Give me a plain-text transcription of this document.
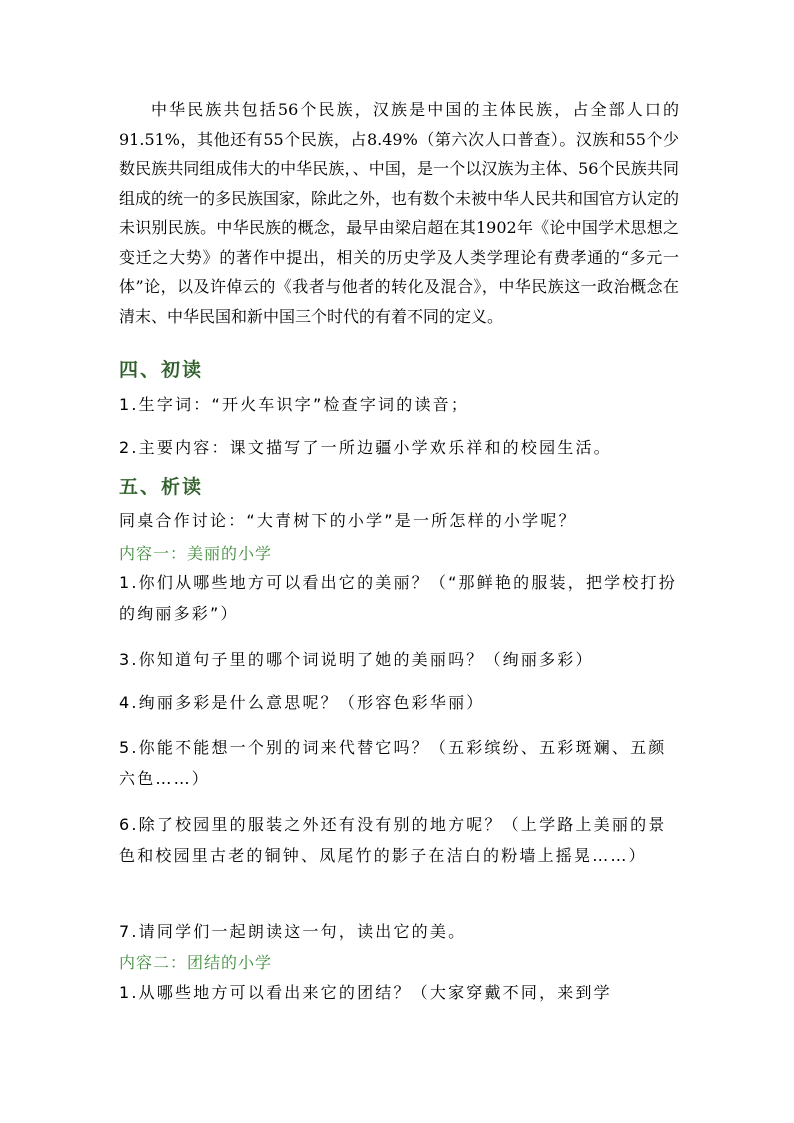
中华民族共包括56个民族，汉族是中国的主体民族，占全部人口的91.51%，其他还有55个民族，占8.49%（第六次人口普查）。汉族和55个少数民族共同组成伟大的中华民族，、中国，是一个以汉族为主体、56个民族共同组成的统一的多民族国家，除此之外，也有数个未被中华人民共和国官方认定的未识别民族。中华民族的概念，最早由梁启超在其1902年《论中国学术思想之变迁之大势》的著作中提出，相关的历史学及人类学理论有费孝通的“多元一体”论，以及许倬云的《我者与他者的转化及混合》，中华民族这一政治概念在清末、中华民国和新中国三个时代的有着不同的定义。

四、初读

1.生字词：“开火车识字”检查字词的读音；

2.主要内容：课文描写了一所边疆小学欢乐祥和的校园生活。

五、析读

同桌合作讨论：“大青树下的小学”是一所怎样的小学呢？

内容一：美丽的小学

1.你们从哪些地方可以看出它的美丽？（“那鲜艳的服装，把学校打扮的绚丽多彩”）

3.你知道句子里的哪个词说明了她的美丽吗？（绚丽多彩）

4.绚丽多彩是什么意思呢？（形容色彩华丽）

5.你能不能想一个别的词来代替它吗？（五彩缤纷、五彩斑斓、五颜六色……）

6.除了校园里的服装之外还有没有别的地方呢？（上学路上美丽的景色和校园里古老的铜钟、凤尾竹的影子在洁白的粉墙上摇晃……）

7.请同学们一起朗读这一句，读出它的美。

内容二：团结的小学

1.从哪些地方可以看出来它的团结？（大家穿戴不同，来到学
